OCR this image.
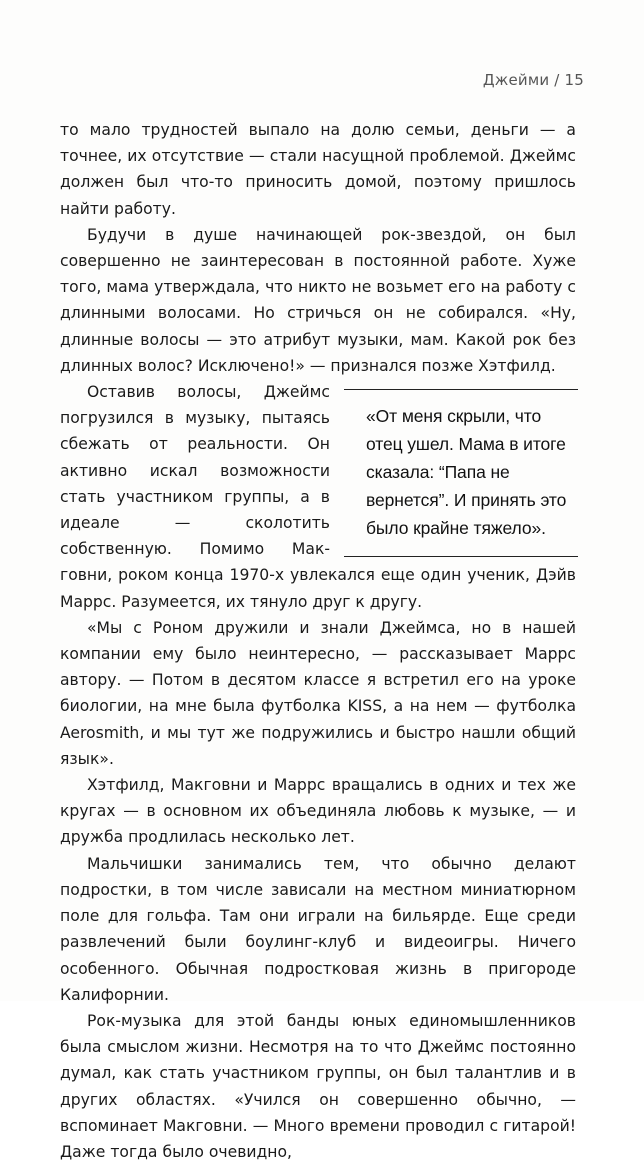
Джейми / 15

то мало трудностей выпало на долю семьи, деньги — а точнее, их отсутствие — стали насущной проблемой. Джеймс должен был что-то приносить домой, поэтому пришлось найти работу.

Будучи в душе начинающей рок-звездой, он был совершенно не заинтересован в постоянной работе. Хуже того, мама утверждала, что никто не возьмет его на работу с длинными волосами. Но стричься он не собирался. «Ну, длинные волосы — это атрибут музыки, мам. Какой рок без длинных волос? Исключено!» — признался позже Хэтфилд.

«От меня скрыли, что отец ушел. Мама в итоге сказала: “Папа не вернется”. И принять это было крайне тяжело».

Оставив волосы, Джеймс погрузился в музыку, пытаясь сбежать от реальности. Он активно искал возможности стать участником группы, а в идеале — сколотить собственную. Помимо Макговни, роком конца 1970-х увлекался еще один ученик, Дэйв Маррс. Разумеется, их тянуло друг к другу.

«Мы с Роном дружили и знали Джеймса, но в нашей компании ему было неинтересно, — рассказывает Маррс автору. — Потом в десятом классе я встретил его на уроке биологии, на мне была футболка KISS, а на нем — футболка Aerosmith, и мы тут же подружились и быстро нашли общий язык».

Хэтфилд, Макговни и Маррс вращались в одних и тех же кругах — в основном их объединяла любовь к музыке, — и дружба продлилась несколько лет.

Мальчишки занимались тем, что обычно делают подростки, в том числе зависали на местном миниатюрном поле для гольфа. Там они играли на бильярде. Еще среди развлечений были боулинг-клуб и видеоигры. Ничего особенного. Обычная подростковая жизнь в пригороде Калифорнии.

Рок-музыка для этой банды юных единомышленников была смыслом жизни. Несмотря на то что Джеймс постоянно думал, как стать участником группы, он был талантлив и в других областях. «Учился он совершенно обычно, — вспоминает Макговни. — Много времени проводил с гитарой! Даже тогда было очевидно,
